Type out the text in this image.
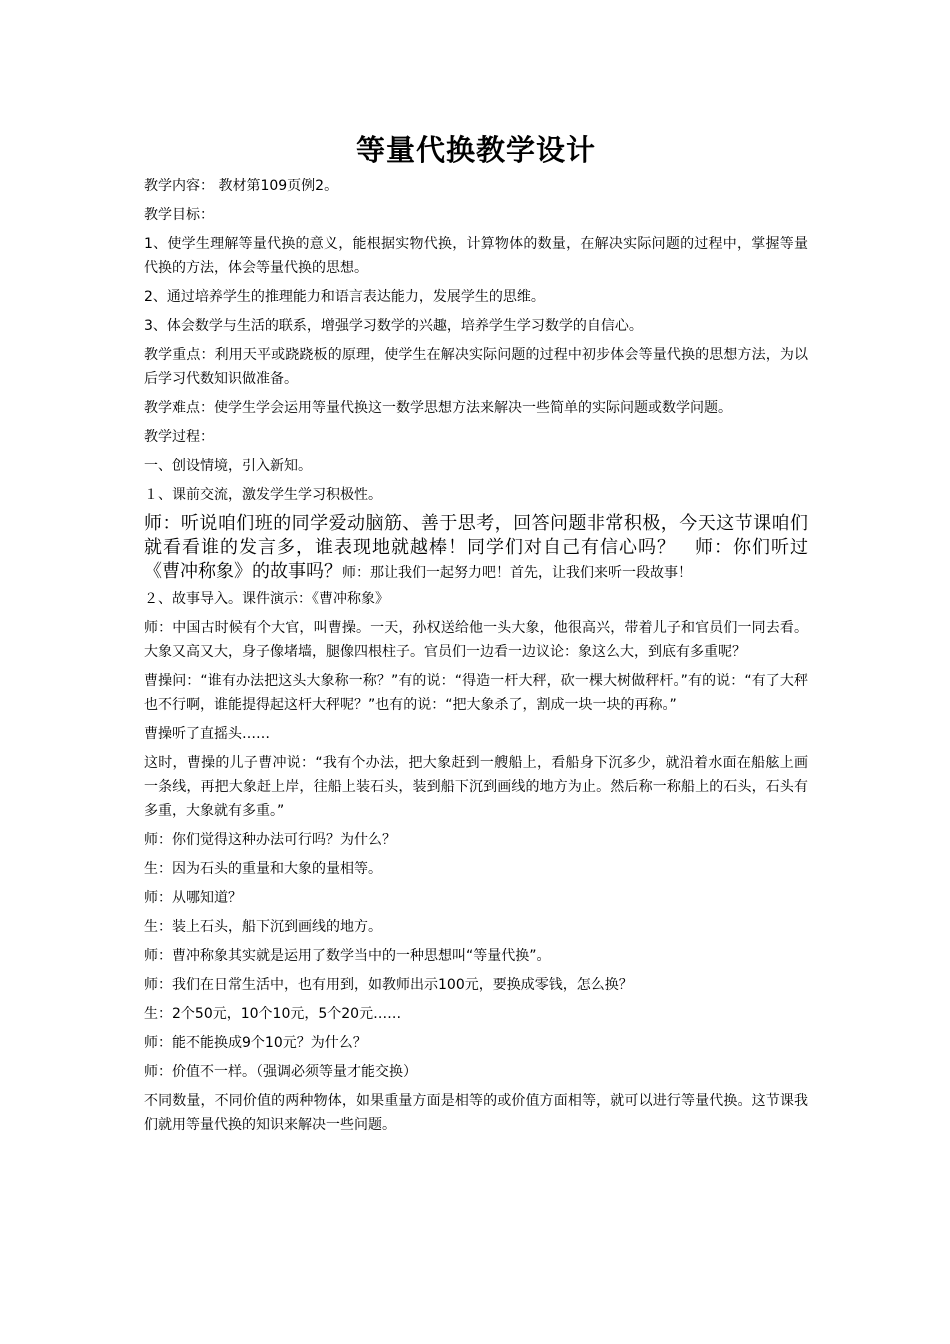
等量代换教学设计

教学内容： 教材第109页例2。

教学目标：

1、使学生理解等量代换的意义，能根据实物代换，计算物体的数量，在解决实际问题的过程中，掌握等量代换的方法，体会等量代换的思想。

2、通过培养学生的推理能力和语言表达能力，发展学生的思维。

3、体会数学与生活的联系，增强学习数学的兴趣，培养学生学习数学的自信心。

教学重点：利用天平或跷跷板的原理，使学生在解决实际问题的过程中初步体会等量代换的思想方法，为以后学习代数知识做准备。

教学难点：使学生学会运用等量代换这一数学思想方法来解决一些简单的实际问题或数学问题。

教学过程：

一、创设情境，引入新知。

１、课前交流，激发学生学习积极性。

师：听说咱们班的同学爱动脑筋、善于思考，回答问题非常积极，今天这节课咱们就看看谁的发言多，谁表现地就越棒！同学们对自己有信心吗？　师：你们听过《曹冲称象》的故事吗？师：那让我们一起努力吧！首先，让我们来听一段故事！

２、故事导入。课件演示：《曹冲称象》

师：中国古时候有个大官，叫曹操。一天，孙权送给他一头大象，他很高兴，带着儿子和官员们一同去看。大象又高又大，身子像堵墙，腿像四根柱子。官员们一边看一边议论：象这么大，到底有多重呢？

曹操问：“谁有办法把这头大象称一称？”有的说：“得造一杆大秤，砍一棵大树做秤杆。”有的说：“有了大秤也不行啊，谁能提得起这杆大秤呢？”也有的说：“把大象杀了，割成一块一块的再称。”

曹操听了直摇头……

这时，曹操的儿子曹冲说：“我有个办法，把大象赶到一艘船上，看船身下沉多少，就沿着水面在船舷上画一条线，再把大象赶上岸，往船上装石头，装到船下沉到画线的地方为止。然后称一称船上的石头，石头有多重，大象就有多重。”

师：你们觉得这种办法可行吗？为什么？

生：因为石头的重量和大象的量相等。

师：从哪知道？

生：装上石头，船下沉到画线的地方。

师：曹冲称象其实就是运用了数学当中的一种思想叫“等量代换”。

师：我们在日常生活中，也有用到，如教师出示100元，要换成零钱，怎么换？

生：2个50元，10个10元，5个20元……

师：能不能换成9个10元？为什么？

师：价值不一样。（强调必须等量才能交换）

不同数量，不同价值的两种物体，如果重量方面是相等的或价值方面相等，就可以进行等量代换。这节课我们就用等量代换的知识来解决一些问题。
